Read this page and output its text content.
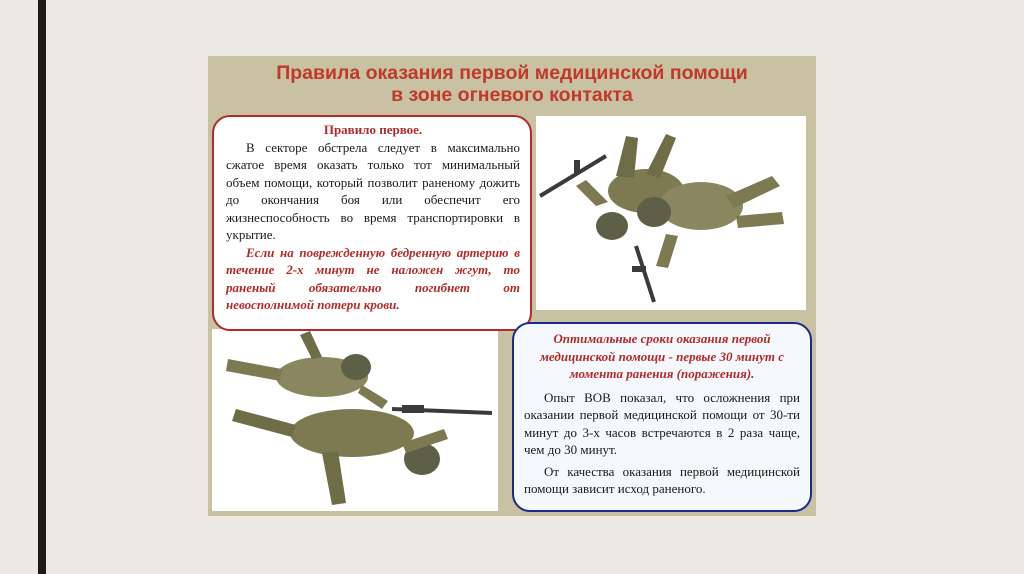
Правила оказания первой медицинской помощи
в зоне огневого контакта
Правило первое.

В секторе обстрела следует в максимально сжатое время оказать только тот минимальный объем помощи, который позволит раненому дожить до окончания боя или обеспечит его жизнеспособность во время транспортировки в укрытие.

Если на поврежденную бедренную артерию в течение 2-х минут не наложен жгут, то раненый обязательно погибнет от невосполнимой потери крови.

Оптимальные сроки оказания первой медицинской помощи - первые 30 минут с момента ранения (поражения).

Опыт ВОВ показал, что осложнения при оказании первой медицинской помощи от 30-ти минут до 3-х часов встречаются в 2 раза чаще, чем до 30 минут.

От качества оказания первой медицинской помощи зависит исход раненого.
